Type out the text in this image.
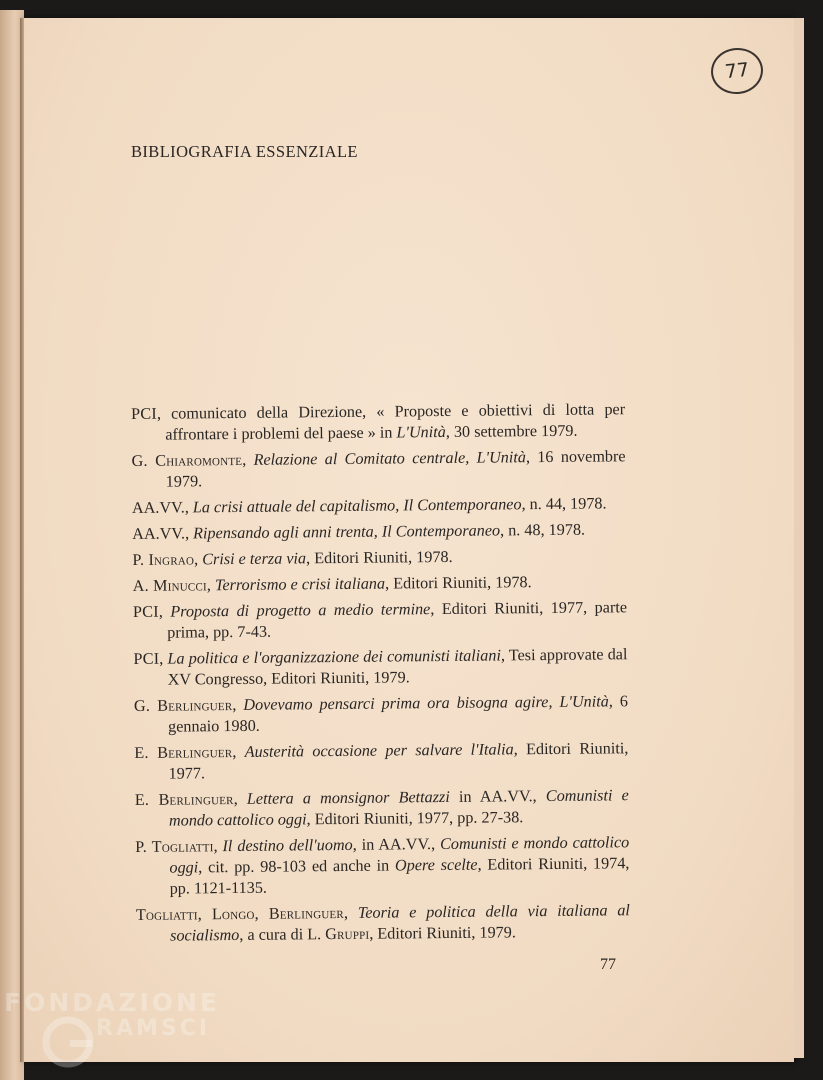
77
BIBLIOGRAFIA ESSENZIALE
PCI, comunicato della Direzione, « Proposte e obiettivi di lotta per affrontare i problemi del paese » in L'Unità, 30 settembre 1979.
G. Chiaromonte, Relazione al Comitato centrale, L'Unità, 16 novembre 1979.
AA.VV., La crisi attuale del capitalismo, Il Contemporaneo, n. 44, 1978.
AA.VV., Ripensando agli anni trenta, Il Contemporaneo, n. 48, 1978.
P. Ingrao, Crisi e terza via, Editori Riuniti, 1978.
A. Minucci, Terrorismo e crisi italiana, Editori Riuniti, 1978.
PCI, Proposta di progetto a medio termine, Editori Riuniti, 1977, parte prima, pp. 7-43.
PCI, La politica e l'organizzazione dei comunisti italiani, Tesi approvate dal XV Congresso, Editori Riuniti, 1979.
G. Berlinguer, Dovevamo pensarci prima ora bisogna agire, L'Unità, 6 gennaio 1980.
E. Berlinguer, Austerità occasione per salvare l'Italia, Editori Riuniti, 1977.
E. Berlinguer, Lettera a monsignor Bettazzi in AA.VV., Comunisti e mondo cattolico oggi, Editori Riuniti, 1977, pp. 27-38.
P. Togliatti, Il destino dell'uomo, in AA.VV., Comunisti e mondo cattolico oggi, cit. pp. 98-103 ed anche in Opere scelte, Editori Riuniti, 1974, pp. 1121-1135.
Togliatti, Longo, Berlinguer, Teoria e politica della via italiana al socialismo, a cura di L. Gruppi, Editori Riuniti, 1979.
77
FONDAZIONE
RAMSCI
